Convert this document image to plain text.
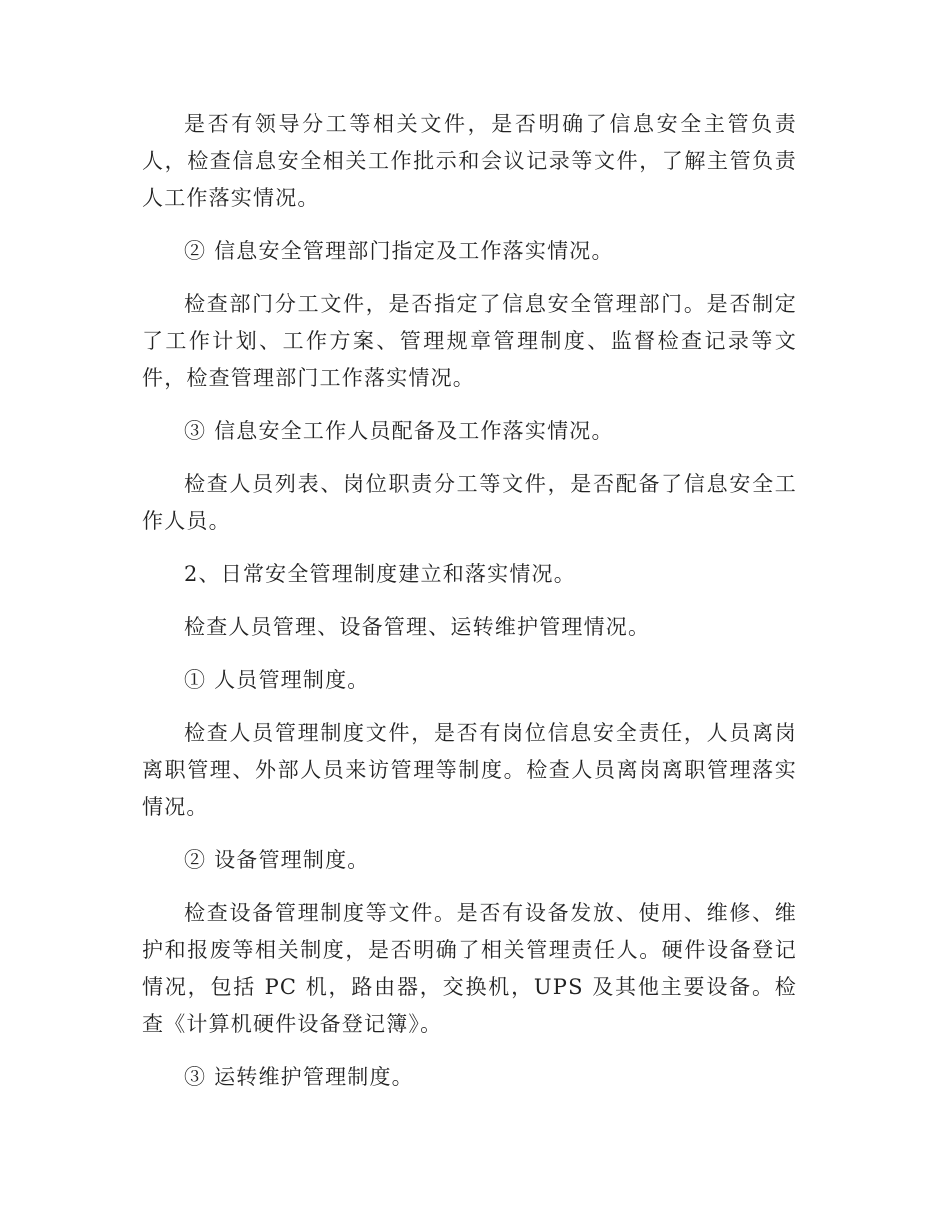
是否有领导分工等相关文件，是否明确了信息安全主管负责人，检查信息安全相关工作批示和会议记录等文件，了解主管负责人工作落实情况。

② 信息安全管理部门指定及工作落实情况。

检查部门分工文件，是否指定了信息安全管理部门。是否制定了工作计划、工作方案、管理规章管理制度、监督检查记录等文件，检查管理部门工作落实情况。

③ 信息安全工作人员配备及工作落实情况。

检查人员列表、岗位职责分工等文件，是否配备了信息安全工作人员。

2、日常安全管理制度建立和落实情况。

检查人员管理、设备管理、运转维护管理情况。

① 人员管理制度。

检查人员管理制度文件，是否有岗位信息安全责任，人员离岗离职管理、外部人员来访管理等制度。检查人员离岗离职管理落实情况。

② 设备管理制度。

检查设备管理制度等文件。是否有设备发放、使用、维修、维护和报废等相关制度，是否明确了相关管理责任人。硬件设备登记情况，包括 PC 机，路由器，交换机，UPS 及其他主要设备。检查《计算机硬件设备登记簿》。

③ 运转维护管理制度。
